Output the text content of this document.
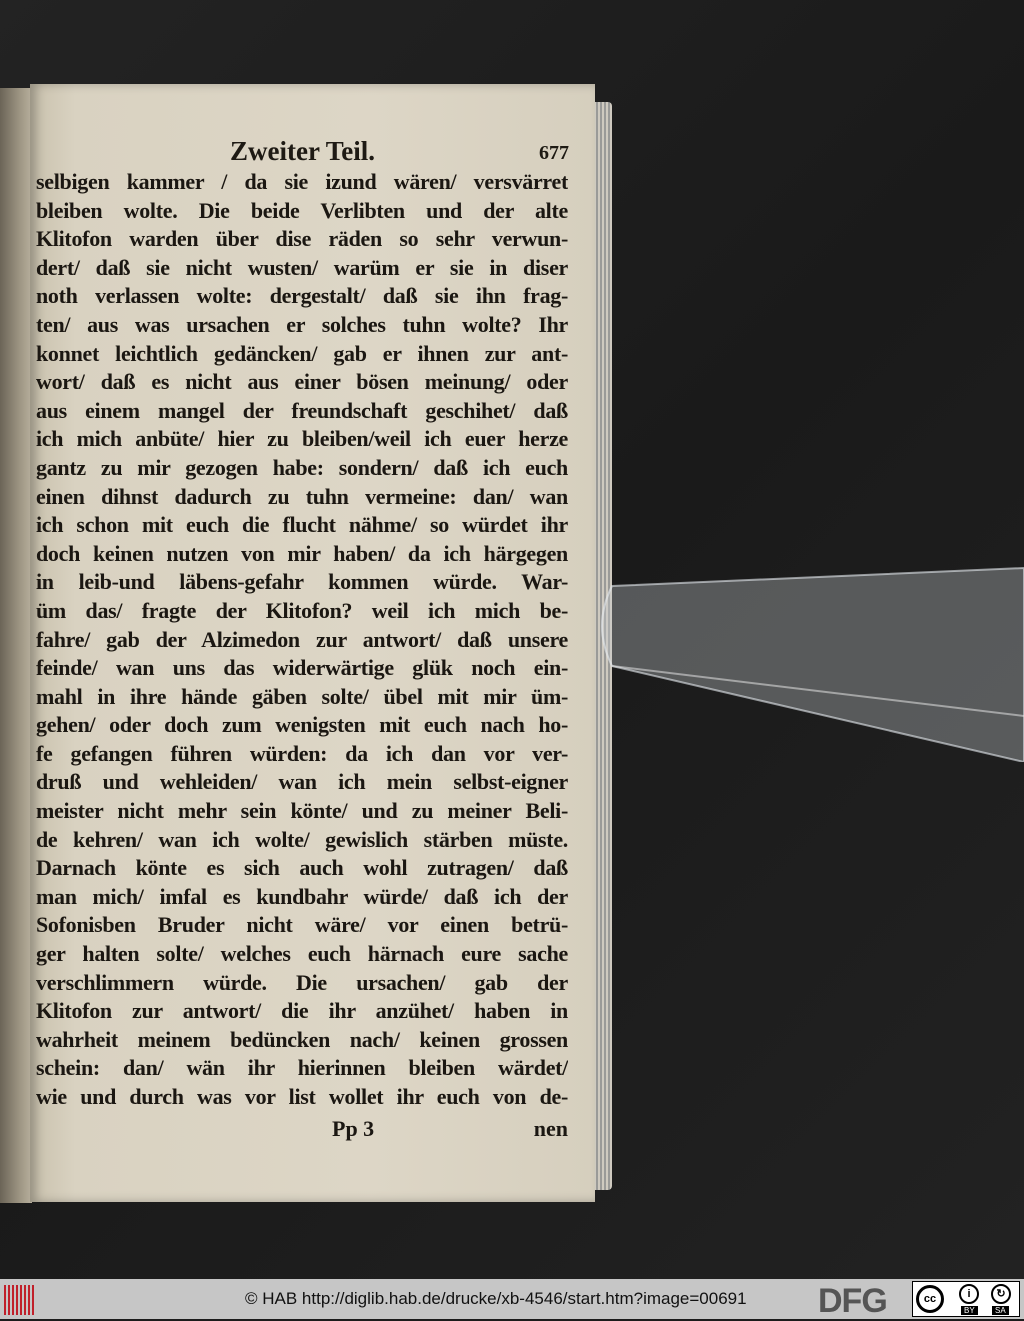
Zweiter Teil.	677
selbigen kammer / da sie izund wären/ versvärret
bleiben wolte. Die beide Verlibten und der alte
Klitofon warden über dise räden so sehr verwun-
dert/ daß sie nicht wusten/ warüm er sie in diser
noth verlassen wolte: dergestalt/ daß sie ihn frag-
ten/ aus was ursachen er solches tuhn wolte? Ihr
konnet leichtlich gedäncken/ gab er ihnen zur ant-
wort/ daß es nicht aus einer bösen meinung/ oder
aus einem mangel der freundschaft geschihet/ daß
ich mich anbüte/ hier zu bleiben/weil ich euer herze
gantz zu mir gezogen habe: sondern/ daß ich euch
einen dihnst dadurch zu tuhn vermeine: dan/ wan
ich schon mit euch die flucht nähme/ so würdet ihr
doch keinen nutzen von mir haben/ da ich härgegen
in leib-und läbens-gefahr kommen würde. War-
üm das/ fragte der Klitofon? weil ich mich be-
fahre/ gab der Alzimedon zur antwort/ daß unsere
feinde/ wan uns das widerwärtige glük noch ein-
mahl in ihre hände gäben solte/ übel mit mir üm-
gehen/ oder doch zum wenigsten mit euch nach ho-
fe gefangen führen würden: da ich dan vor ver-
druß und wehleiden/ wan ich mein selbst-eigner
meister nicht mehr sein könte/ und zu meiner Beli-
de kehren/ wan ich wolte/ gewislich stärben müste.
Darnach könte es sich auch wohl zutragen/ daß
man mich/ imfal es kundbahr würde/ daß ich der
Sofonisben Bruder nicht wäre/ vor einen betrü-
ger halten solte/ welches euch härnach eure sache
verschlimmern würde. Die ursachen/ gab der
Klitofon zur antwort/ die ihr anzühet/ haben in
wahrheit meinem bedüncken nach/ keinen grossen
schein: dan/ wän ihr hierinnen bleiben wärdet/
wie und durch was vor list wollet ihr euch von de-
Pp 3	nen
© HAB http://diglib.hab.de/drucke/xb-4546/start.htm?image=00691 DFG	cc	i	↻
BY	SA
